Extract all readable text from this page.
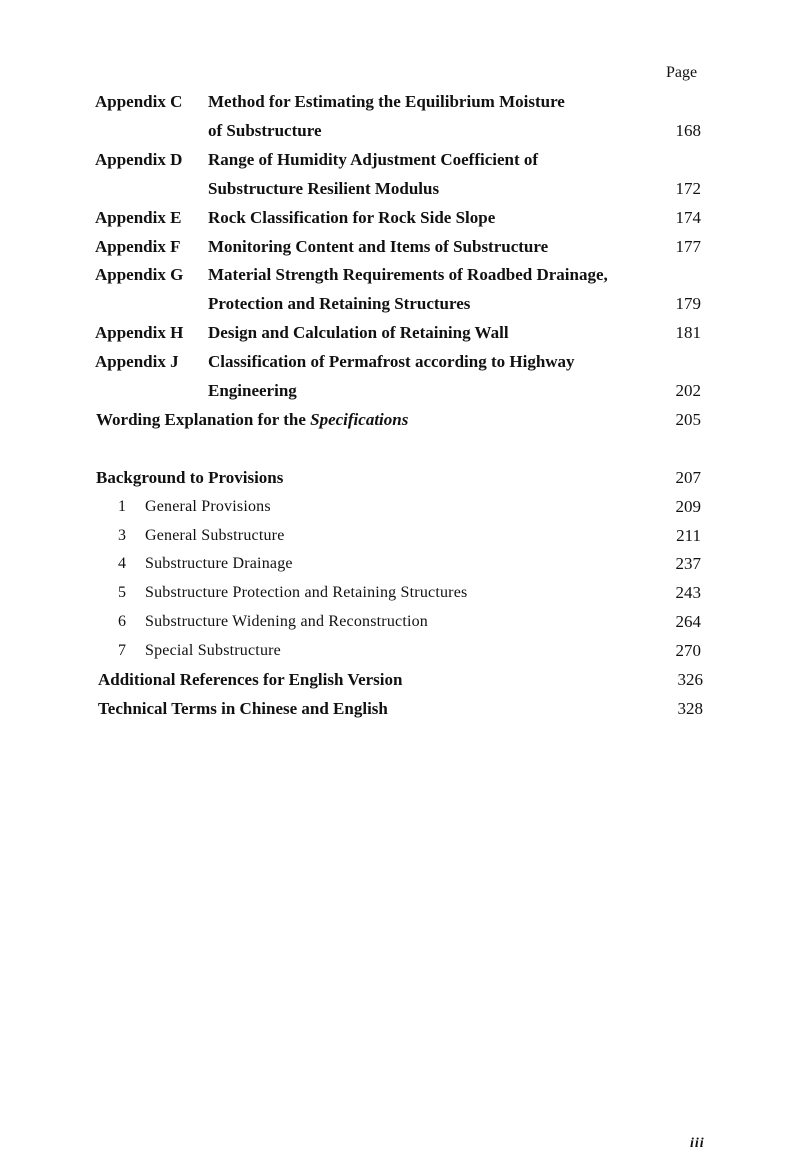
Page
Appendix C Method for Estimating the Equilibrium Moisture
of Substructure	168
Appendix D Range of Humidity Adjustment Coefficient of
Substructure Resilient Modulus	172
Appendix E Rock Classification for Rock Side Slope	174
Appendix F Monitoring Content and Items of Substructure	177
Appendix G Material Strength Requirements of Roadbed Drainage,
Protection and Retaining Structures	179
Appendix H Design and Calculation of Retaining Wall	181
Appendix J Classification of Permafrost according to Highway
Engineering	202
Wording Explanation for the Specifications	205
Background to Provisions	207
1 General Provisions	209
3 General Substructure	211
4 Substructure Drainage	237
5 Substructure Protection and Retaining Structures	243
6 Substructure Widening and Reconstruction	264
7 Special Substructure	270
Additional References for English Version	326
Technical Terms in Chinese and English	328
iii
